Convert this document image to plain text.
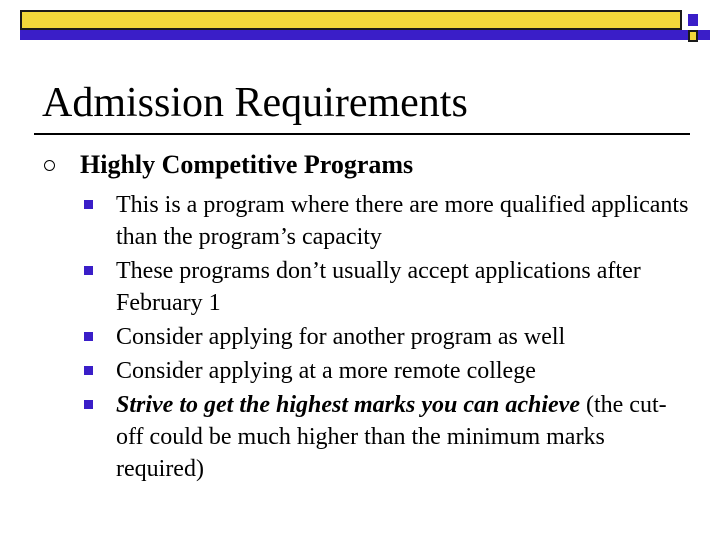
Admission Requirements
Highly Competitive Programs
This is a program where there are more qualified applicants than the program’s capacity
These programs don’t usually accept applications after February 1
Consider applying for another program as well
Consider applying at a more remote college
Strive to get the highest marks you can achieve (the cut-off could be much higher than the minimum marks required)
